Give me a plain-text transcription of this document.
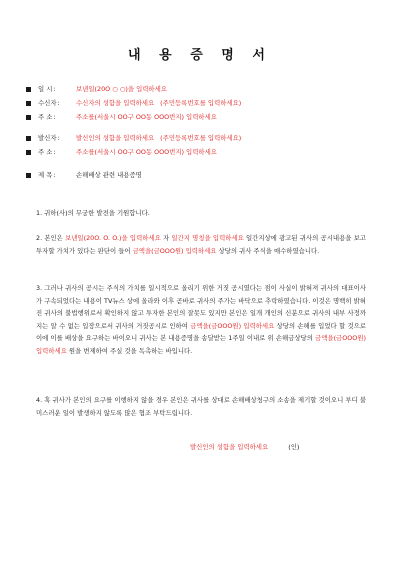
내 용 증 명 서
일 시 :	보낸일(20O ○ ○)을 입력하세요
수신자 :	수신자의 성함을 입력하세요 (주민등록번호를 입력하세요)
주 소 :	주소를(서울시 OO구 OO동 OOO번지) 입력하세요
발신자 :	발신인의 성함을 입력하세요 (주민등록번호를 입력하세요)
주 소 :	주소를(서울시 OO구 OO동 OOO번지) 입력하세요
제 목 :	손해배상 관련 내용증명

1. 귀하(사)의 무궁한 발전을 기원합니다.

2. 본인은 보낸일(20O. O. O.)을 입력하세요 자 일간지 명칭을 입력하세요 일간지상에 광고된 귀사의 공시내용을 보고 투자할 가치가 있다는 판단이 들어 금액을(금OOO원) 입력하세요 상당의 귀사 주식을 매수하였습니다.

3. 그러나 귀사의 공시는 주식의 가치를 일시적으로 올리기 위한 거짓 공시였다는 점이 사실이 밝혀져 귀사의 대표이사가 구속되었다는 내용이 TV뉴스 상에 올라와 이후 곧바로 귀사의 주가는 바닥으로 추락하였습니다. 이것은 명백히 밝혀진 귀사의 불법행위로서 확인하지 않고 투자한 본인의 잘못도 있지만 본인은 일개 개인의 신분으로 귀사의 내부 사정까지는 알 수 없는 입장으로서 귀사의 거짓공시로 인하여 금액을(금OOO원) 입력하세요 상당의 손해를 입었다 할 것으로 이에 이를 배상을 요구하는 바이오니 귀사는 본 내용증명을 송달받는 1주일 이내로 위 손해금상당의 금액을(금OOO원) 입력하세요 원을 변제하여 주실 것을 독촉하는 바입니다.

4. 혹 귀사가 본인의 요구를 이행하지 않을 경우 본인은 귀사를 상대로 손해배상청구의 소송을 제기할 것이오니 부디 불미스러운 일이 발생하지 않도록 많은 협조 부탁드립니다.

발신인의 성함을 입력하세요	(인)
